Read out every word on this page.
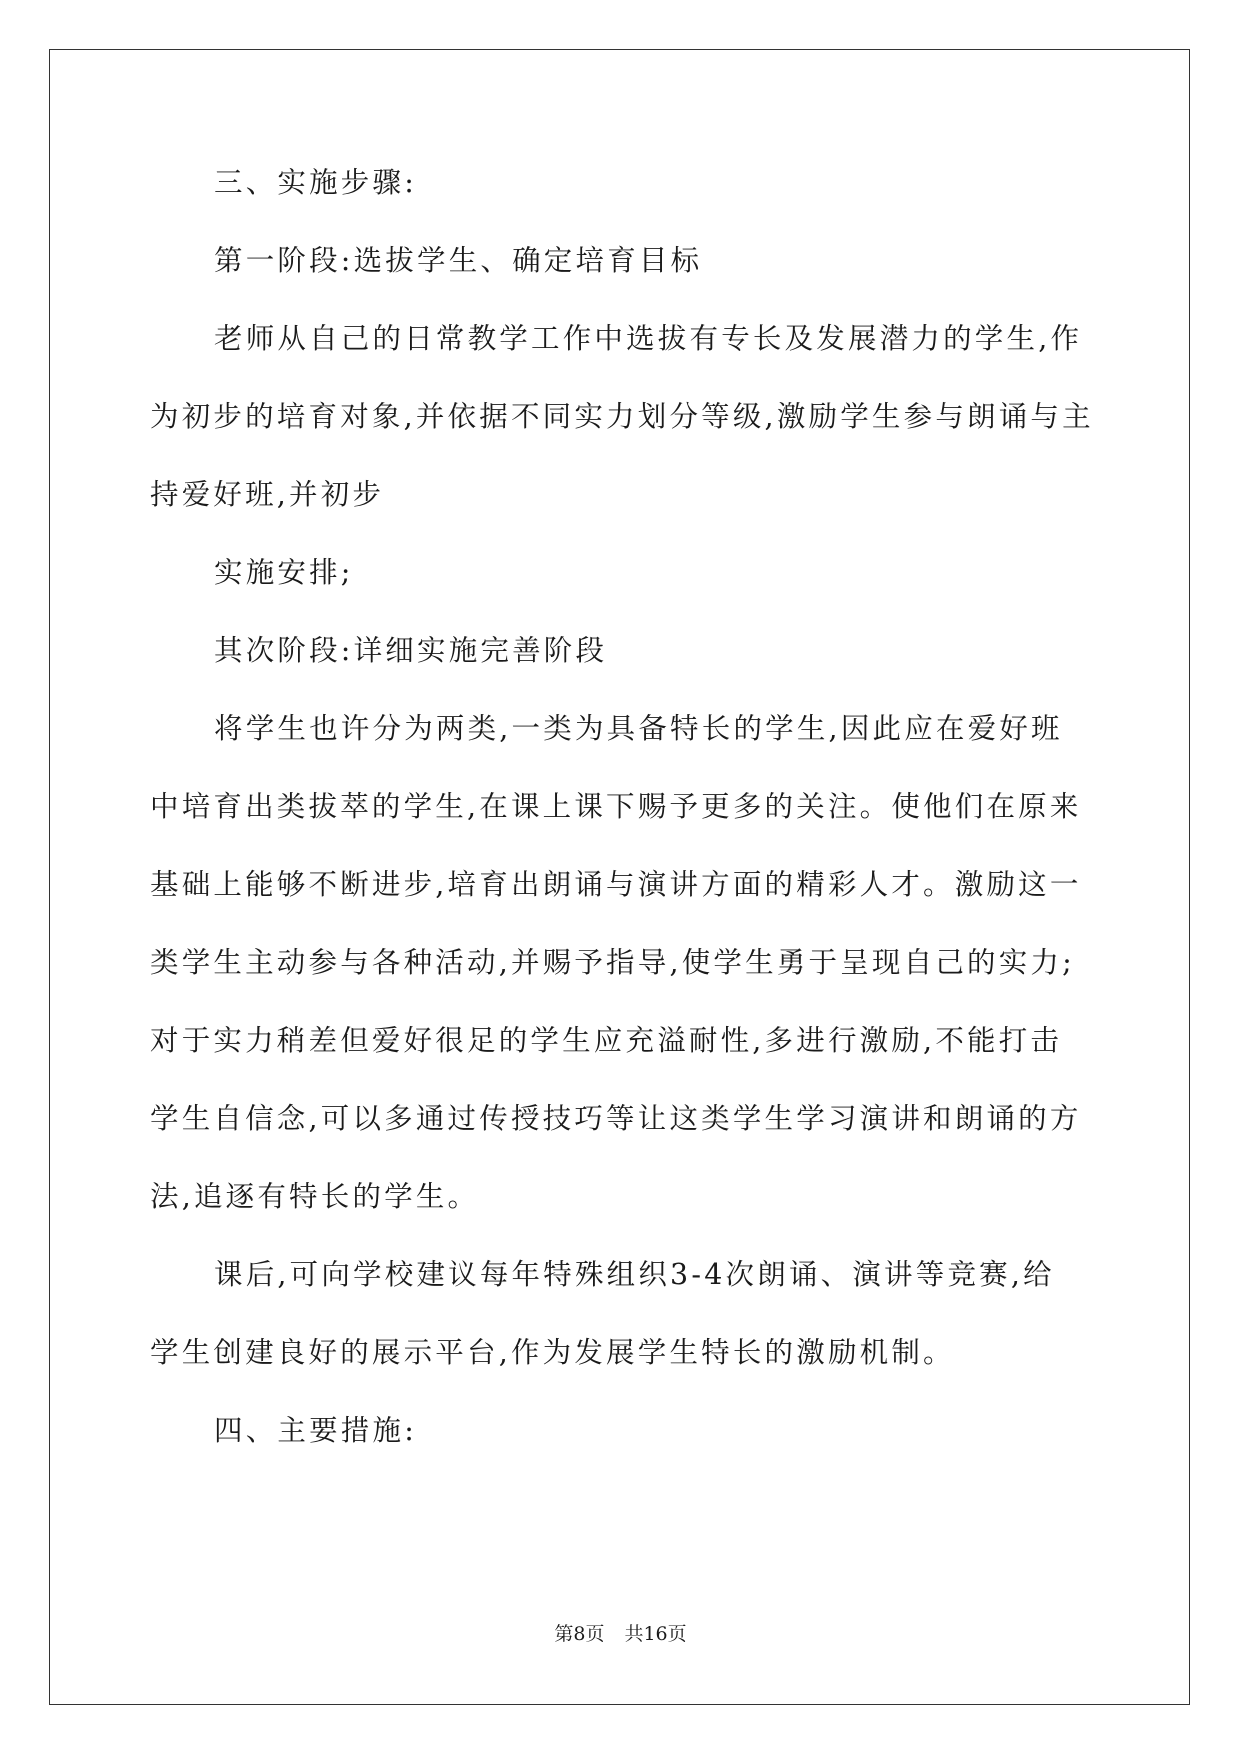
三、实施步骤:

第一阶段:选拔学生、确定培育目标

老师从自己的日常教学工作中选拔有专长及发展潜力的学生,作

为初步的培育对象,并依据不同实力划分等级,激励学生参与朗诵与主

持爱好班,并初步

实施安排;

其次阶段:详细实施完善阶段

将学生也许分为两类,一类为具备特长的学生,因此应在爱好班

中培育出类拔萃的学生,在课上课下赐予更多的关注。使他们在原来

基础上能够不断进步,培育出朗诵与演讲方面的精彩人才。激励这一

类学生主动参与各种活动,并赐予指导,使学生勇于呈现自己的实力;

对于实力稍差但爱好很足的学生应充溢耐性,多进行激励,不能打击

学生自信念,可以多通过传授技巧等让这类学生学习演讲和朗诵的方

法,追逐有特长的学生。

课后,可向学校建议每年特殊组织3-4次朗诵、演讲等竞赛,给

学生创建良好的展示平台,作为发展学生特长的激励机制。

四、主要措施:

第8页 共16页
